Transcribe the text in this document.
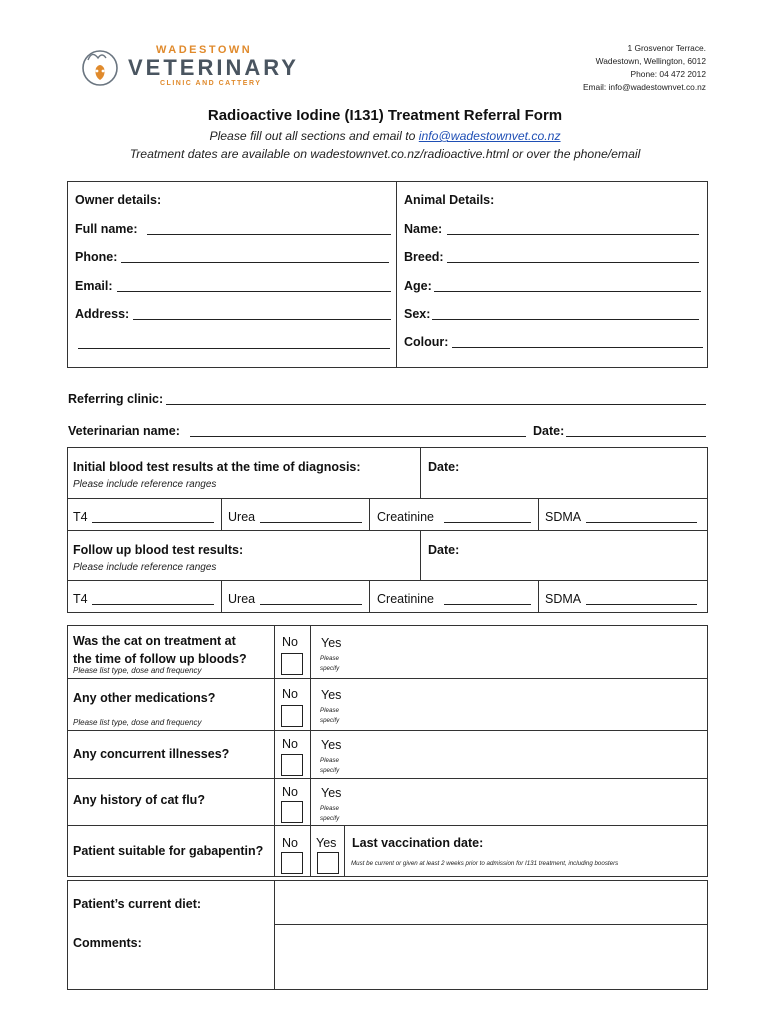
WADESTOWN
VETERINARY
CLINIC AND CATTERY
1 Grosvenor Terrace.
Wadestown, Wellington, 6012
Phone: 04 472 2012
Email: info@wadestownvet.co.nz
Radioactive Iodine (I131) Treatment Referral Form
Please fill out all sections and email to info@wadestownvet.co.nz
Treatment dates are available on wadestownvet.co.nz/radioactive.html or over the phone/email
Owner details:
Full name:
Phone:
Email:
Address:
Animal Details:
Name:
Breed:
Age:
Sex:
Colour:
Referring clinic:
Veterinarian name:	Date:
Initial blood test results at the time of diagnosis:
Please include reference ranges
Date:
T4	Urea	Creatinine	SDMA
Follow up blood test results:
Please include reference ranges
Date:
T4	Urea	Creatinine	SDMA
Was the cat on treatment at
the time of follow up bloods?
Please list type, dose and frequency
No Yes
Please
specify
Any other medications?
Please list type, dose and frequency
No Yes
Please
specify
Any concurrent illnesses?
No Yes
Please
specify
Any history of cat flu?
No Yes
Please
specify
Patient suitable for gabapentin?
No Yes Last vaccination date:
Must be current or given at least 2 weeks prior to admission for I131 treatment, including boosters
Patient’s current diet:
Comments:
